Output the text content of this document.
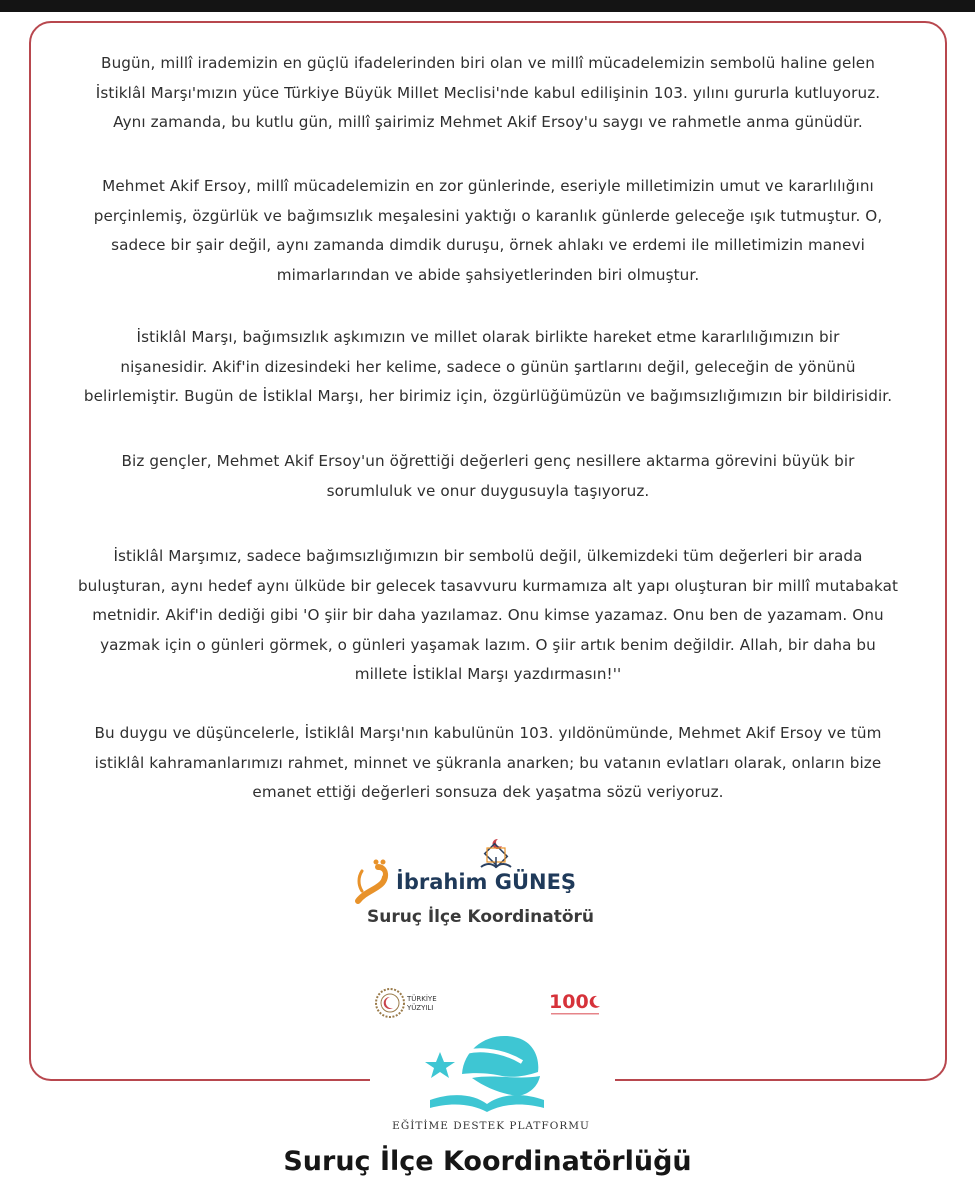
Bugün, millî irademizin en güçlü ifadelerinden biri olan ve millî mücadelemizin sembolü haline gelen
İstiklâl Marşı'mızın yüce Türkiye Büyük Millet Meclisi'nde kabul edilişinin 103. yılını gururla kutluyoruz.
Aynı zamanda, bu kutlu gün, millî şairimiz Mehmet Akif Ersoy'u saygı ve rahmetle anma günüdür.
Mehmet Akif Ersoy, millî mücadelemizin en zor günlerinde, eseriyle milletimizin umut ve kararlılığını
perçinlemiş, özgürlük ve bağımsızlık meşalesini yaktığı o karanlık günlerde geleceğe ışık tutmuştur. O,
sadece bir şair değil, aynı zamanda dimdik duruşu, örnek ahlakı ve erdemi ile milletimizin manevi
mimarlarından ve abide şahsiyetlerinden biri olmuştur.
İstiklâl Marşı, bağımsızlık aşkımızın ve millet olarak birlikte hareket etme kararlılığımızın bir
nişanesidir. Akif'in dizesindeki her kelime, sadece o günün şartlarını değil, geleceğin de yönünü
belirlemiştir. Bugün de İstiklal Marşı, her birimiz için, özgürlüğümüzün ve bağımsızlığımızın bir bildirisidir.
Biz gençler, Mehmet Akif Ersoy'un öğrettiği değerleri genç nesillere aktarma görevini büyük bir
sorumluluk ve onur duygusuyla taşıyoruz.
İstiklâl Marşımız, sadece bağımsızlığımızın bir sembolü değil, ülkemizdeki tüm değerleri bir arada
buluşturan, aynı hedef aynı ülküde bir gelecek tasavvuru kurmamıza alt yapı oluşturan bir millî mutabakat
metnidir. Akif'in dediği gibi 'O şiir bir daha yazılamaz. Onu kimse yazamaz. Onu ben de yazamam. Onu
yazmak için o günleri görmek, o günleri yaşamak lazım. O şiir artık benim değildir. Allah, bir daha bu
millete İstiklal Marşı yazdırmasın!''
Bu duygu ve düşüncelerle, İstiklâl Marşı'nın kabulünün 103. yıldönümünde, Mehmet Akif Ersoy ve tüm
istiklâl kahramanlarımızı rahmet, minnet ve şükranla anarken; bu vatanın evlatları olarak, onların bize
emanet ettiği değerleri sonsuza dek yaşatma sözü veriyoruz.
İbrahim GÜNEŞ
Suruç İlçe Koordinatörü
TÜRKİYE
YÜZYILI	100
EĞİTİME DESTEK PLATFORMU
Suruç İlçe Koordinatörlüğü
